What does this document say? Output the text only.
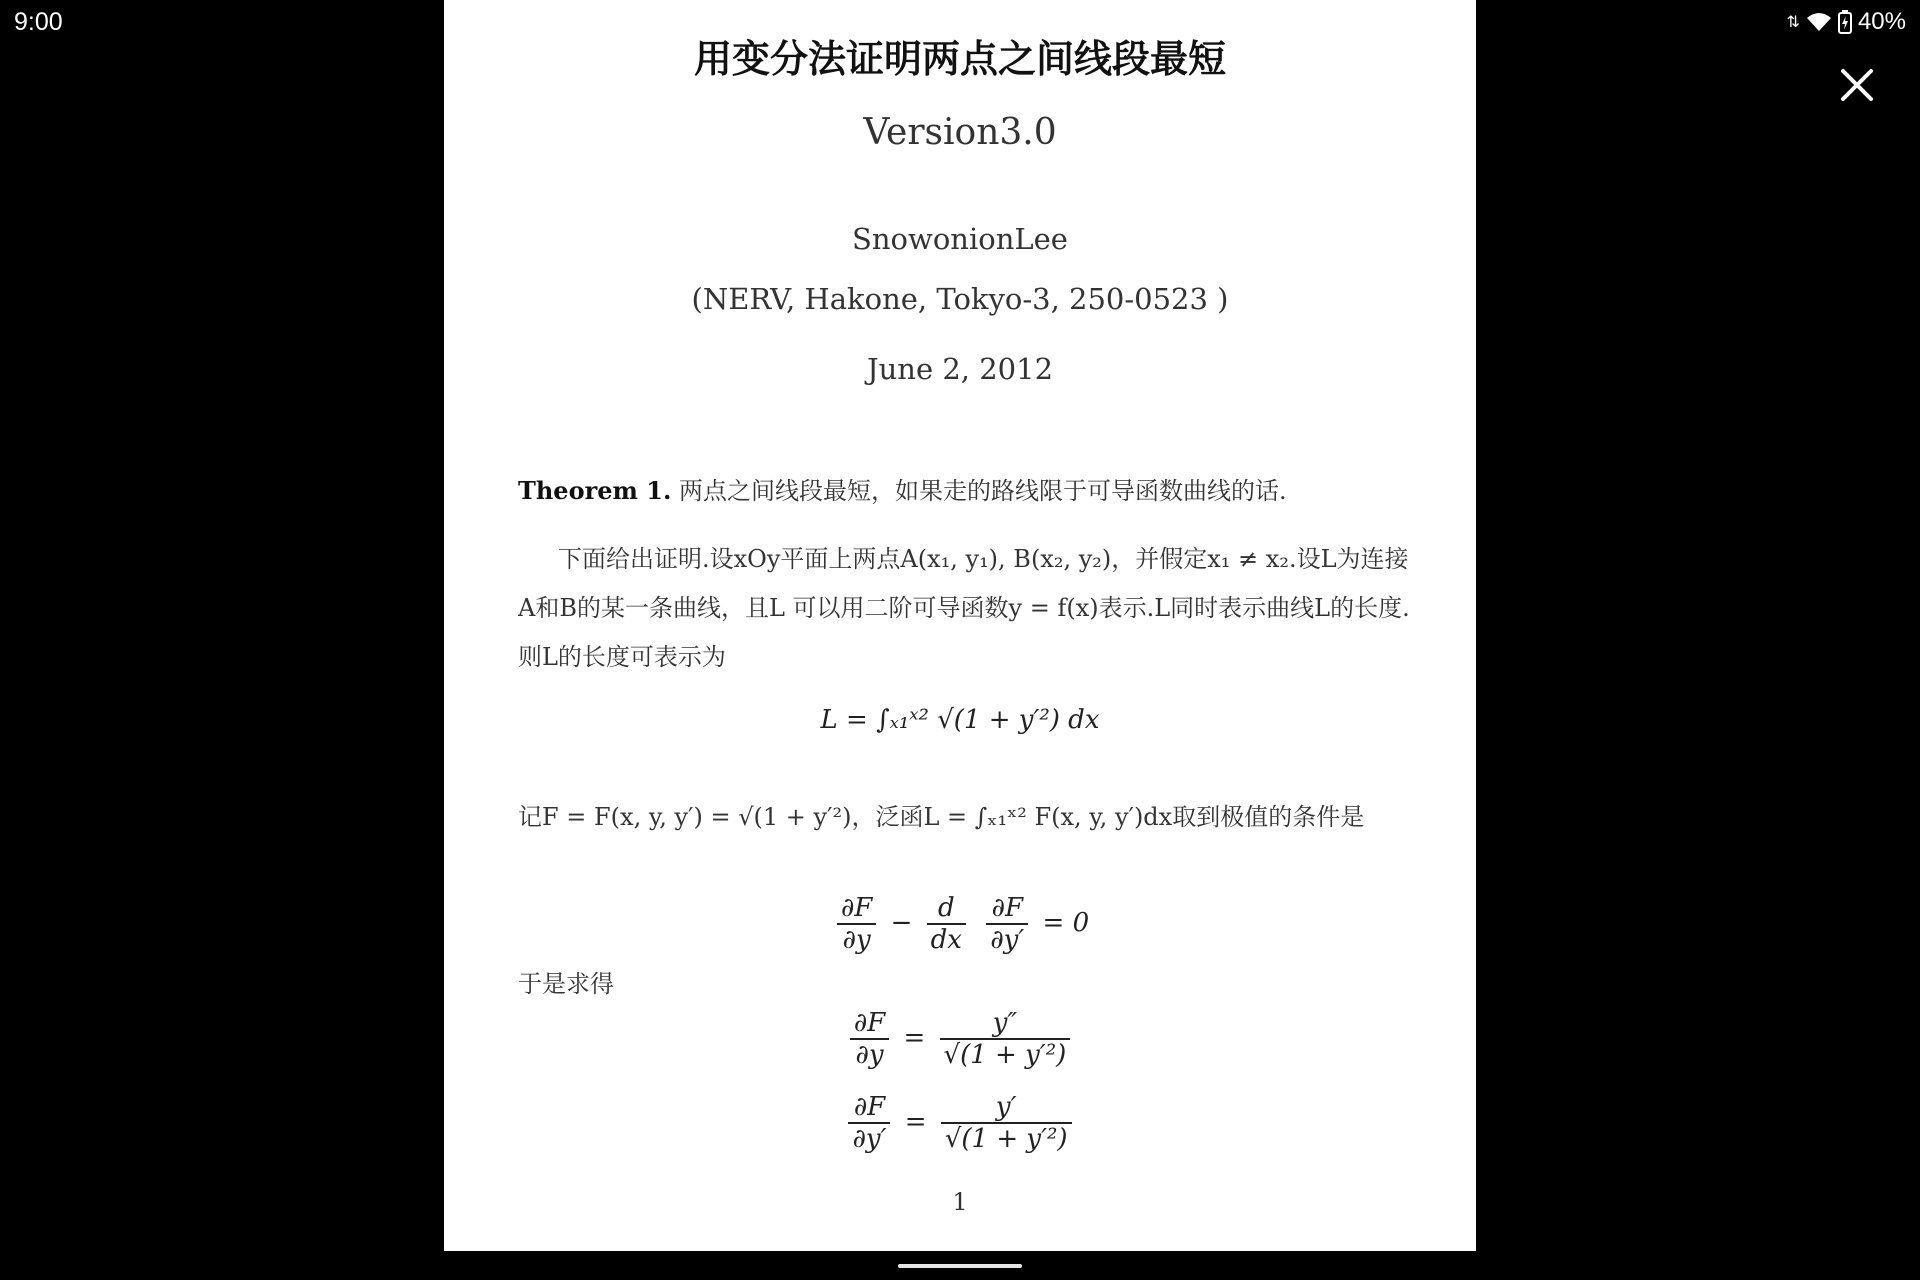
9:00	⇅ 40%
用变分法证明两点之间线段最短
Version3.0
SnowonionLee
(NERV, Hakone, Tokyo-3, 250-0523 )
June 2, 2012
Theorem 1. 两点之间线段最短，如果走的路线限于可导函数曲线的话.
下面给出证明.设xOy平面上两点A(x₁, y₁), B(x₂, y₂)，并假定x₁ ≠ x₂.设L为连接A和B的某一条曲线，且L 可以用二阶可导函数y = f(x)表示.L同时表示曲线L的长度. 则L的长度可表示为
L = ∫ₓ₁ˣ² √(1 + y′²) dx
记F = F(x, y, y′) = √(1 + y′²)，泛函L = ∫ₓ₁ˣ² F(x, y, y′)dx取到极值的条件是
$\frac{\partial F}{\partial y} - \frac{d}{dx}$
$\frac{\partial F}{\partial y'} = 0$
于是求得
$\frac{\partial F}{\partial y} = \frac{y''}{\text{√(1 + y′²)}}$
$\frac{\partial F}{\partial y'} = \frac{y'}{\text{√(1 + y′²)}}$
1
